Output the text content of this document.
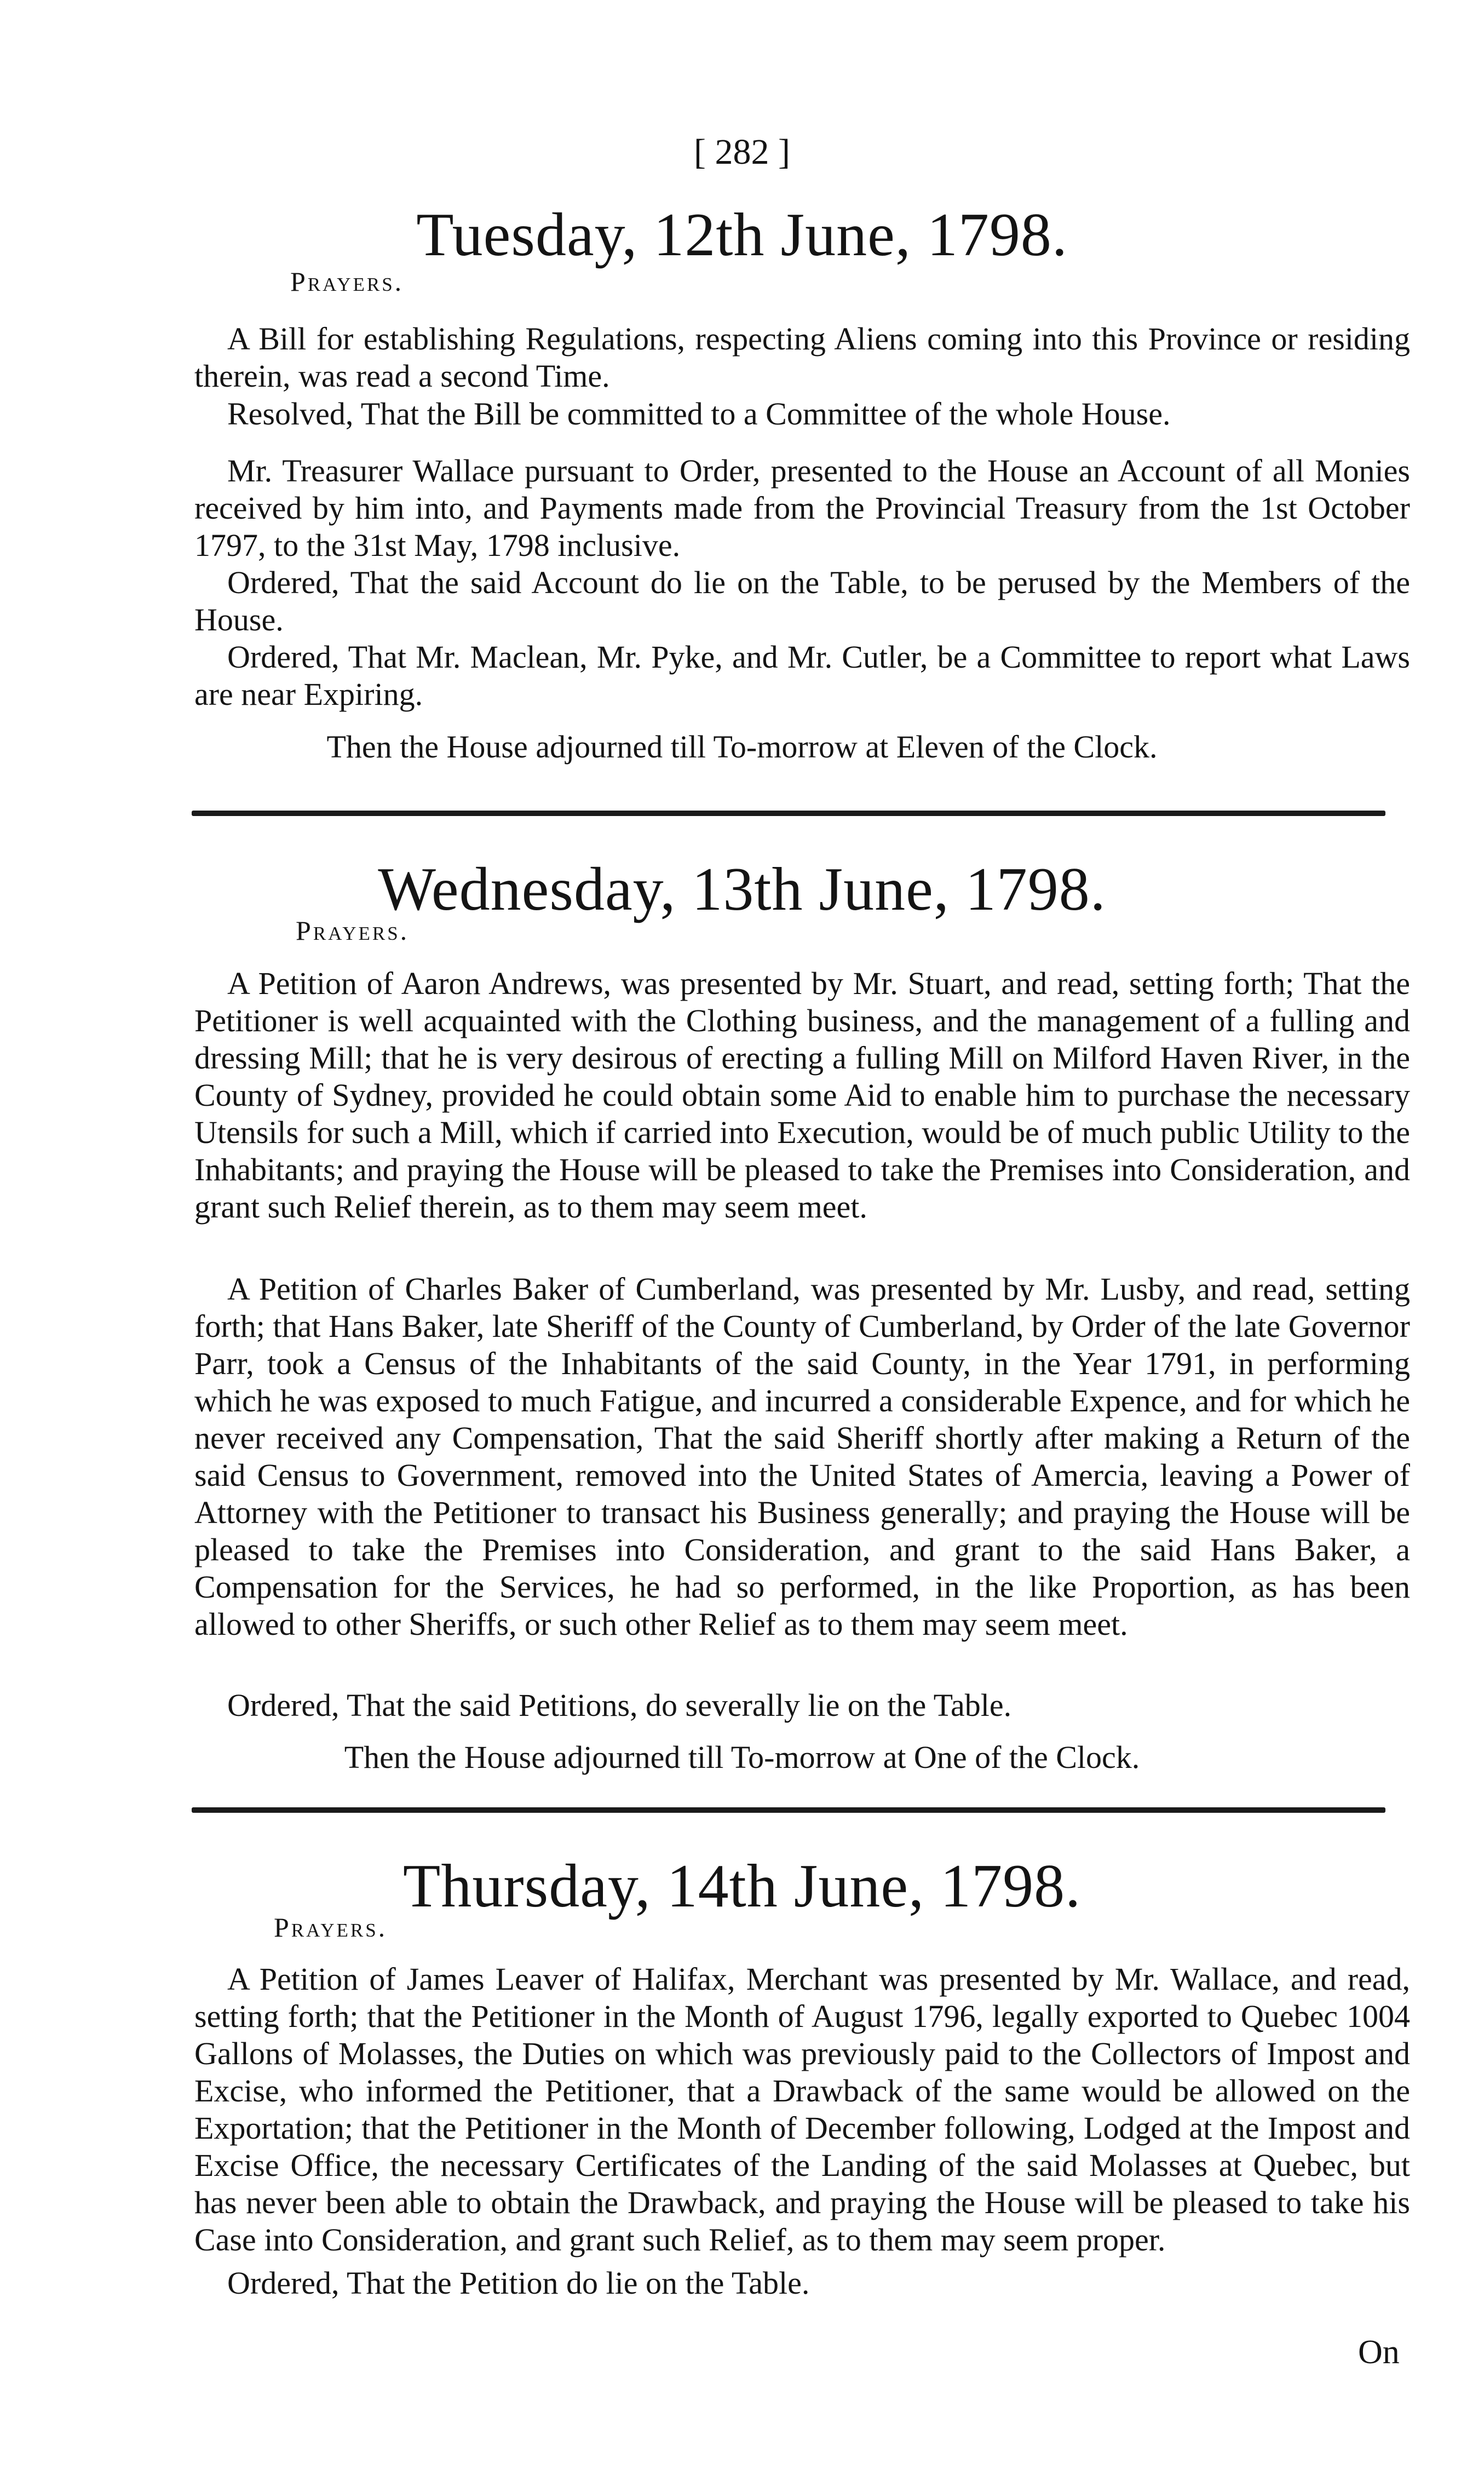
[ 282 ]
Tuesday, 12th June, 1798.
Prayers.
A Bill for establishing Regulations, respecting Aliens coming into this Province or residing therein, was read a second Time.
Resolved, That the Bill be committed to a Committee of the whole House.
Mr. Treasurer Wallace pursuant to Order, presented to the House an Account of all Monies received by him into, and Payments made from the Provincial Treasury from the 1st October 1797, to the 31st May, 1798 inclusive.
Ordered, That the said Account do lie on the Table, to be perused by the Members of the House.
Ordered, That Mr. Maclean, Mr. Pyke, and Mr. Cutler, be a Committee to report what Laws are near Expiring.
Then the House adjourned till To-morrow at Eleven of the Clock.
Wednesday, 13th June, 1798.
Prayers.
A Petition of Aaron Andrews, was presented by Mr. Stuart, and read, setting forth; That the Petitioner is well acquainted with the Clothing business, and the management of a fulling and dressing Mill; that he is very desirous of erecting a fulling Mill on Milford Haven River, in the County of Sydney, provided he could obtain some Aid to enable him to purchase the necessary Utensils for such a Mill, which if carried into Execution, would be of much public Utility to the Inhabitants; and praying the House will be pleased to take the Premises into Consideration, and grant such Relief therein, as to them may seem meet.
A Petition of Charles Baker of Cumberland, was presented by Mr. Lusby, and read, setting forth; that Hans Baker, late Sheriff of the County of Cumberland, by Order of the late Governor Parr, took a Census of the Inhabitants of the said County, in the Year 1791, in performing which he was exposed to much Fatigue, and incurred a considerable Expence, and for which he never received any Compensation, That the said Sheriff shortly after making a Return of the said Census to Government, removed into the United States of Amercia, leaving a Power of Attorney with the Petitioner to transact his Business generally; and praying the House will be pleased to take the Premises into Consideration, and grant to the said Hans Baker, a Compensation for the Services, he had so performed, in the like Proportion, as has been allowed to other Sheriffs, or such other Relief as to them may seem meet.
Ordered, That the said Petitions, do severally lie on the Table.
Then the House adjourned till To-morrow at One of the Clock.
Thursday, 14th June, 1798.
Prayers.
A Petition of James Leaver of Halifax, Merchant was presented by Mr. Wallace, and read, setting forth; that the Petitioner in the Month of August 1796, legally exported to Quebec 1004 Gallons of Molasses, the Duties on which was previously paid to the Collectors of Impost and Excise, who informed the Petitioner, that a Drawback of the same would be allowed on the Exportation; that the Petitioner in the Month of December following, Lodged at the Impost and Excise Office, the necessary Certificates of the Landing of the said Molasses at Quebec, but has never been able to obtain the Drawback, and praying the House will be pleased to take his Case into Consideration, and grant such Relief, as to them may seem proper.
Ordered, That the Petition do lie on the Table.
On
